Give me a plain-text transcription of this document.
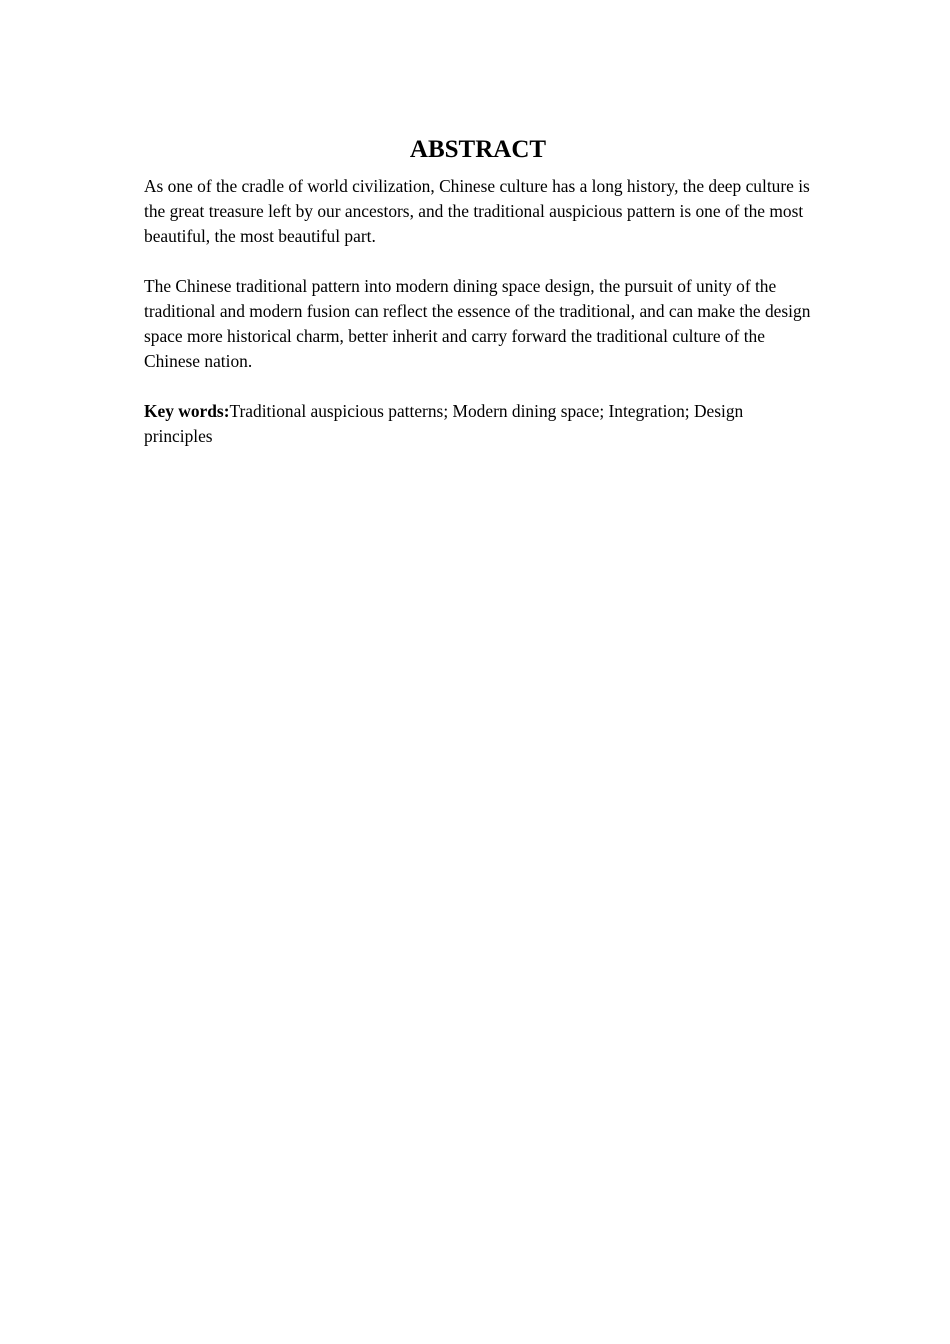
ABSTRACT

As one of the cradle of world civilization, Chinese culture has a long history, the deep culture is the great treasure left by our ancestors, and the traditional auspicious pattern is one of the most beautiful, the most beautiful part.

The Chinese traditional pattern into modern dining space design, the pursuit of unity of the traditional and modern fusion can reflect the essence of the traditional, and can make the design space more historical charm, better inherit and carry forward the traditional culture of the Chinese nation.

Key words:Traditional auspicious patterns; Modern dining space; Integration; Design principles
